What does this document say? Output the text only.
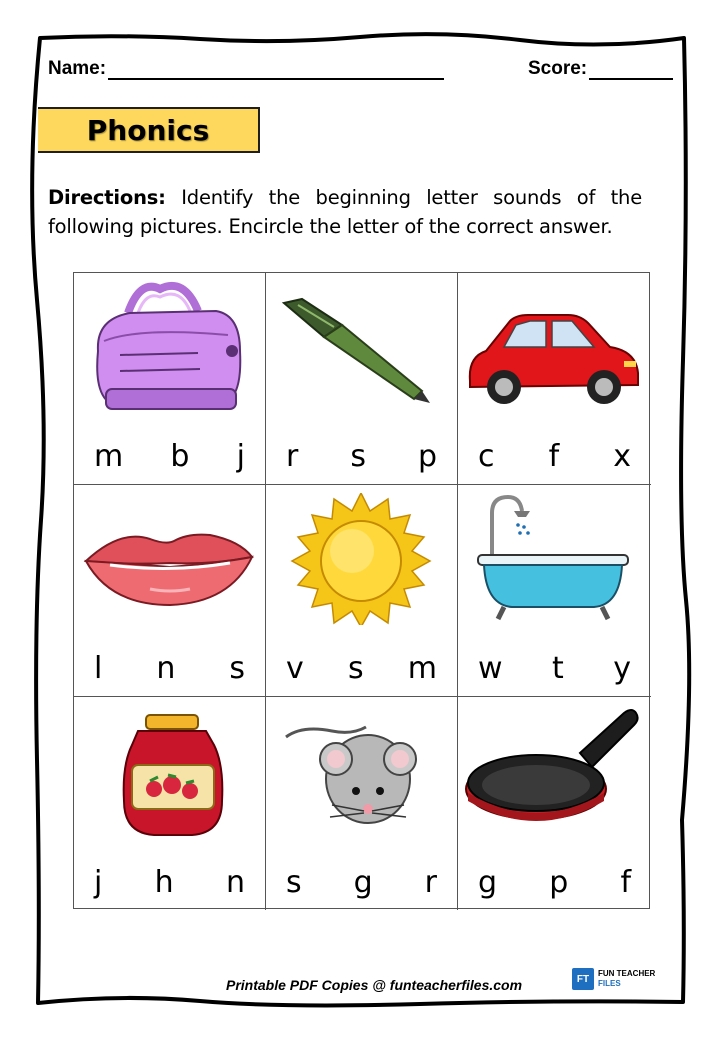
Name:	Score:
Phonics
Directions: Identify the beginning letter sounds of the following pictures. Encircle the letter of the correct answer.
m b j r s p c f x
l n s v s m w t y
j h n s g r g p f
Printable PDF Copies @ funteacherfiles.com	FT	FUN TEACHER
FILES
